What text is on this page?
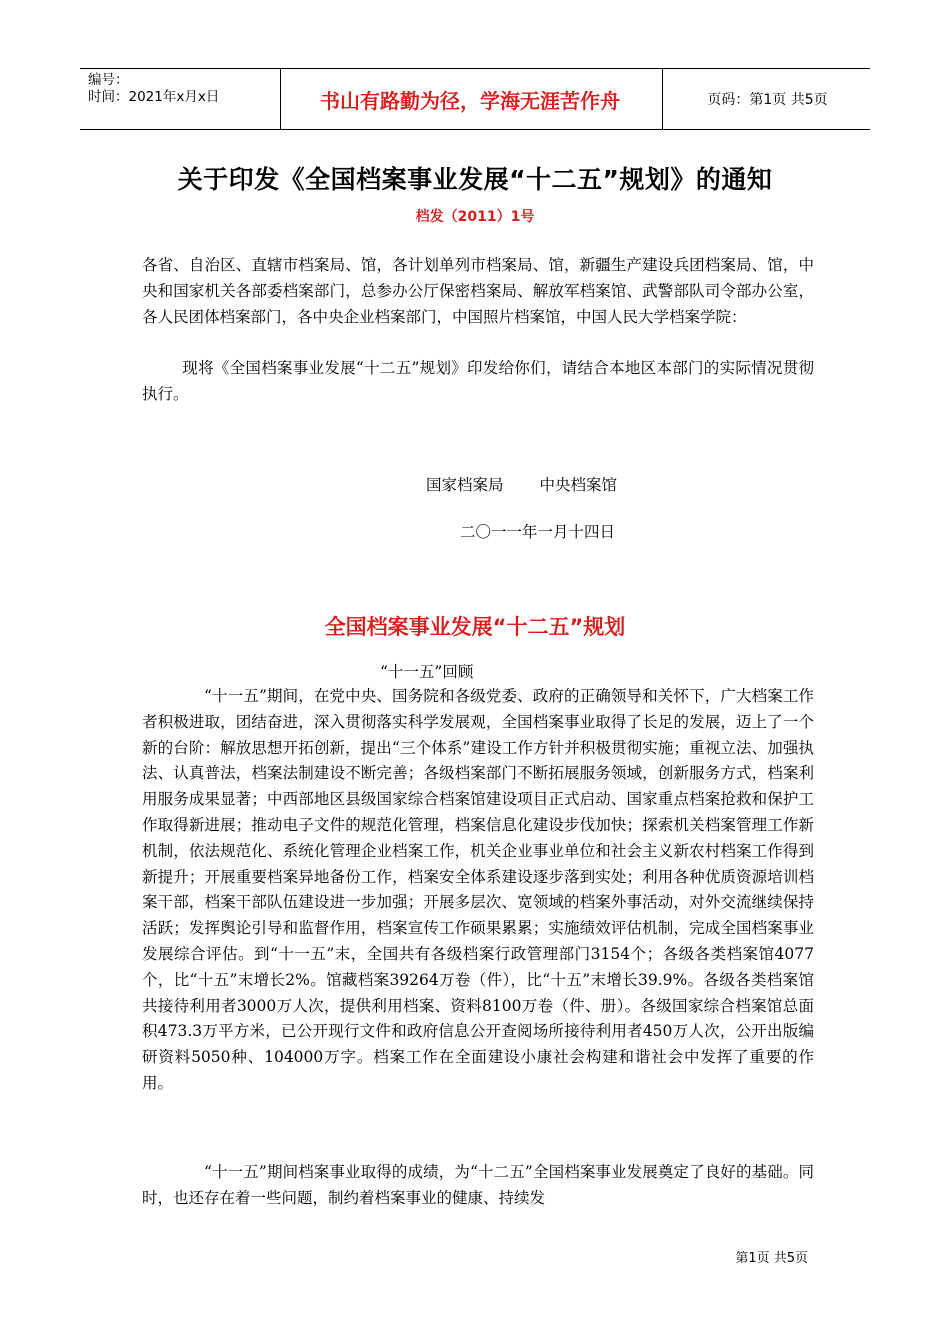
编号：
时间：2021年x月x日	书山有路勤为径，学海无涯苦作舟	页码：第1页 共5页
关于印发《全国档案事业发展“十二五”规划》的通知
档发（2011）1号

各省、自治区、直辖市档案局、馆，各计划单列市档案局、馆，新疆生产建设兵团档案局、馆，中央和国家机关各部委档案部门，总参办公厅保密档案局、解放军档案馆、武警部队司令部办公室，各人民团体档案部门，各中央企业档案部门，中国照片档案馆，中国人民大学档案学院：

现将《全国档案事业发展“十二五”规划》印发给你们，请结合本地区本部门的实际情况贯彻执行。

国家档案局 中央档案馆
二〇一一年一月十四日
全国档案事业发展“十二五”规划
“十一五”回顾

“十一五”期间，在党中央、国务院和各级党委、政府的正确领导和关怀下，广大档案工作者积极进取，团结奋进，深入贯彻落实科学发展观，全国档案事业取得了长足的发展，迈上了一个新的台阶：解放思想开拓创新，提出“三个体系”建设工作方针并积极贯彻实施；重视立法、加强执法、认真普法，档案法制建设不断完善；各级档案部门不断拓展服务领域，创新服务方式，档案利用服务成果显著；中西部地区县级国家综合档案馆建设项目正式启动、国家重点档案抢救和保护工作取得新进展；推动电子文件的规范化管理，档案信息化建设步伐加快；探索机关档案管理工作新机制，依法规范化、系统化管理企业档案工作，机关企业事业单位和社会主义新农村档案工作得到新提升；开展重要档案异地备份工作，档案安全体系建设逐步落到实处；利用各种优质资源培训档案干部，档案干部队伍建设进一步加强；开展多层次、宽领域的档案外事活动，对外交流继续保持活跃；发挥舆论引导和监督作用，档案宣传工作硕果累累；实施绩效评估机制，完成全国档案事业发展综合评估。到“十一五”末，全国共有各级档案行政管理部门3154个；各级各类档案馆4077个，比“十五”末增长2%。馆藏档案39264万卷（件），比“十五”末增长39.9%。各级各类档案馆共接待利用者3000万人次，提供利用档案、资料8100万卷（件、册）。各级国家综合档案馆总面积473.3万平方米，已公开现行文件和政府信息公开查阅场所接待利用者450万人次，公开出版编研资料5050种、104000万字。档案工作在全面建设小康社会构建和谐社会中发挥了重要的作用。

“十一五”期间档案事业取得的成绩，为“十二五”全国档案事业发展奠定了良好的基础。同时，也还存在着一些问题，制约着档案事业的健康、持续发

第1页 共5页
